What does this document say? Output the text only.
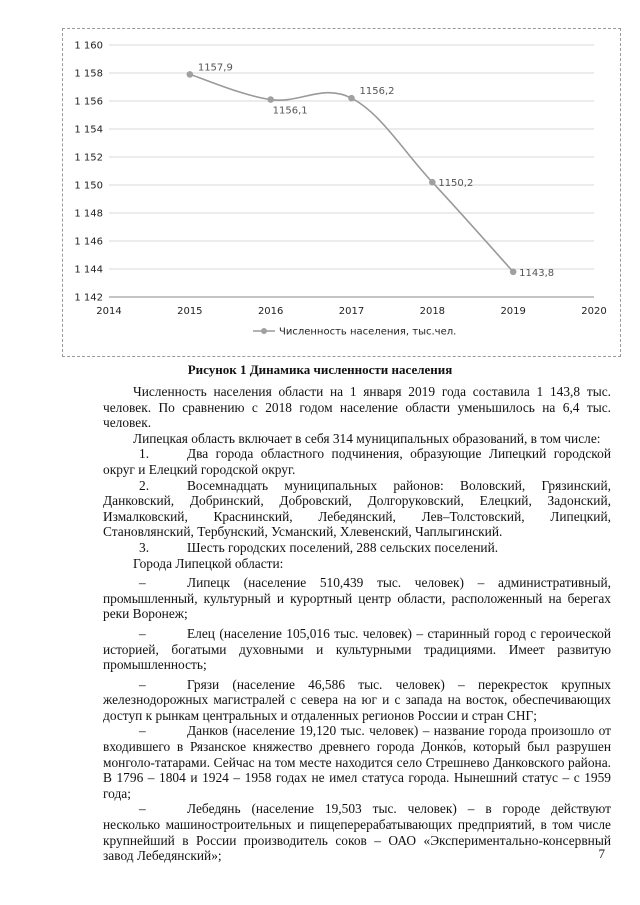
1 142
1 144
1 146
1 148
1 150
1 152
1 154
1 156
1 158
1 160
2014	2015	2016	2017	2018	2019	2020
1157,9
1156,1
1156,2
1150,2
1143,8
Численность населения, тыс.чел.
Рисунок 1 Динамика численности населения

Численность населения области на 1 января 2019 года составила 1 143,8 тыс. человек. По сравнению с 2018 годом население области уменьшилось на 6,4 тыс. человек.

Липецкая область включает в себя 314 муниципальных образований, в том числе:

1.	Два города областного подчинения, образующие Липецкий городской округ и Елецкий городской округ.

2.	Восемнадцать муниципальных районов: Воловский, Грязинский, Данковский, Добринский, Добровский, Долгоруковский, Елецкий, Задонский, Измалковский, Краснинский, Лебедянский, Лев–Толстовский, Липецкий, Становлянский, Тербунский, Усманский, Хлевенский, Чаплыгинский.

3.	Шесть городских поселений, 288 сельских поселений.

Города Липецкой области:

–	Липецк (население 510,439 тыс. человек) – административный, промышленный, культурный и курортный центр области, расположенный на берегах реки Воронеж;

–	Елец (население 105,016 тыс. человек) – старинный город с героической историей, богатыми духовными и культурными традициями. Имеет развитую промышленность;

–	Грязи (население 46,586 тыс. человек) – перекресток крупных железнодорожных магистралей с севера на юг и с запада на восток, обеспечивающих доступ к рынкам центральных и отдаленных регионов России и стран СНГ;

–	Данков (население 19,120 тыс. человек) – название города произошло от входившего в Рязанское княжество древнего города Донко́в, который был разрушен монголо-татарами. Сейчас на том месте находится село Стрешнево Данковского района. В 1796 – 1804 и 1924 – 1958 годах не имел статуса города. Нынешний статус – с 1959 года;

–	Лебедянь (население 19,503 тыс. человек) – в городе действуют несколько машиностроительных и пищеперерабатывающих предприятий, в том числе крупнейший в России производитель соков – ОАО «Экспериментально-консервный завод Лебедянский»;	7
